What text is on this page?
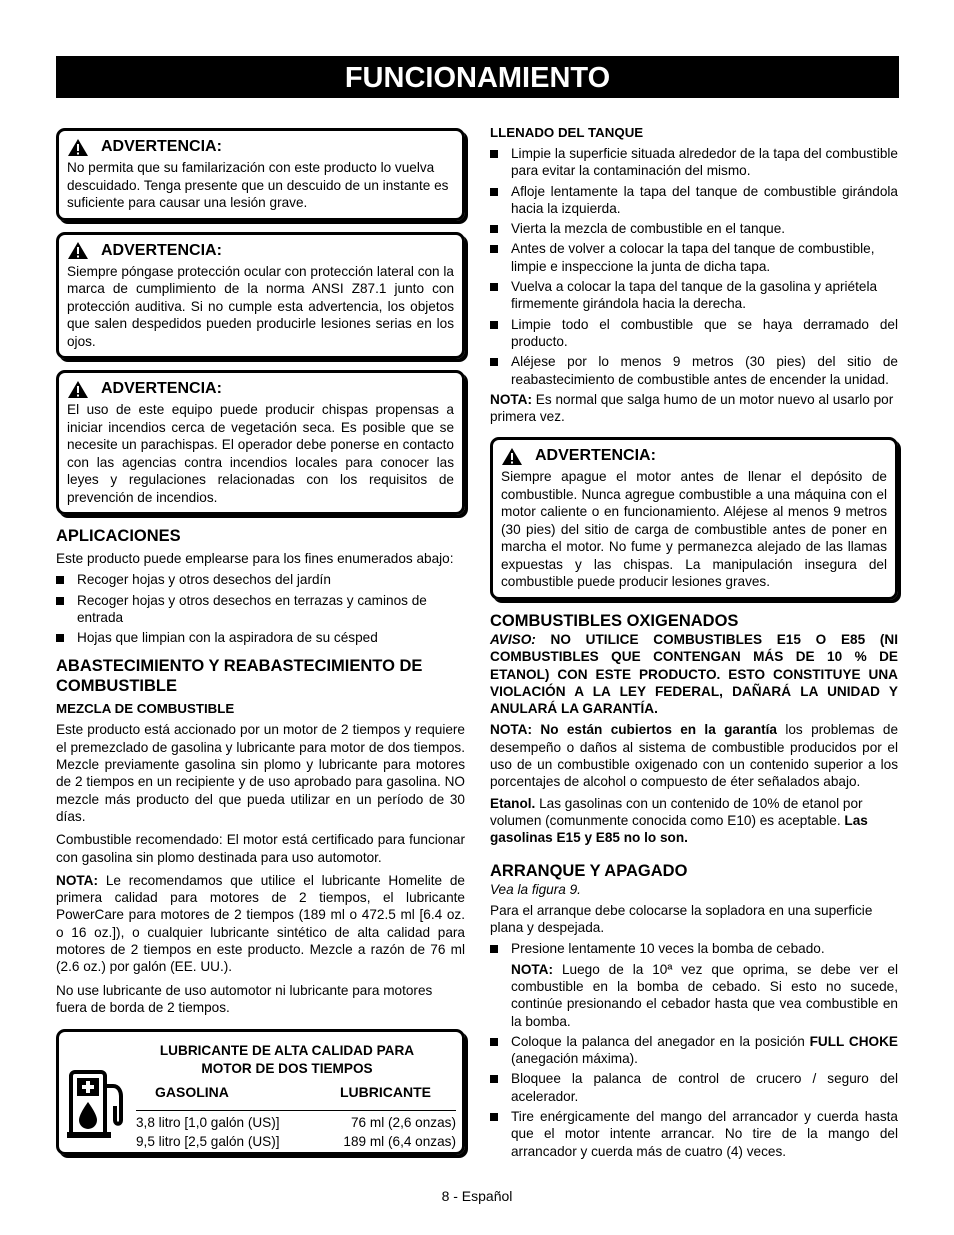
FUNCIONAMIENTO
ADVERTENCIA:

No permita que su familarización con este producto lo vuelva descuidado. Tenga presente que un descuido de un instante es suficiente para causar una lesión grave.

ADVERTENCIA:

Siempre póngase protección ocular con protección lateral con la marca de cumplimiento de la norma ANSI Z87.1 junto con protección auditiva. Si no cumple esta advertencia, los objetos que salen despedidos pueden producirle lesiones serias en los ojos.

ADVERTENCIA:

El uso de este equipo puede producir chispas propensas a iniciar incendios cerca de vegetación seca. Es posible que se necesite un parachispas. El operador debe ponerse en contacto con las agencias contra incendios locales para conocer las leyes y regulaciones relacionadas con los requisitos de prevención de incendios.

APLICACIONES

Este producto puede emplearse para los fines enumerados abajo:

Recoger hojas y otros desechos del jardín
Recoger hojas y otros desechos en terrazas y caminos de entrada
Hojas que limpian con la aspiradora de su césped
ABASTECIMIENTO Y REABASTECIMIENTO DE COMBUSTIBLE
MEZCLA DE COMBUSTIBLE

Este producto está accionado por un motor de 2 tiempos y requiere el premezclado de gasolina y lubricante para motor de dos tiempos. Mezcle previamente gasolina sin plomo y lubricante para motores de 2 tiempos en un recipiente y de uso aprobado para gasolina. NO mezcle más producto del que pueda utilizar en un período de 30 días.

Combustible recomendado: El motor está certificado para funcionar con gasolina sin plomo destinada para uso automotor.

NOTA: Le recomendamos que utilice el lubricante Homelite de primera calidad para motores de 2 tiempos, el lubricante PowerCare para motores de 2 tiempos (189 ml o 472.5 ml [6.4 oz. o 16 oz.]), o cualquier lubricante sintético de alta calidad para motores de 2 tiempos en este producto. Mezcle a razón de 76 ml (2.6 oz.) por galón (EE. UU.).

No use lubricante de uso automotor ni lubricante para motores fuera de borda de 2 tiempos.

LUBRICANTE DE ALTA CALIDAD PARA MOTOR DE DOS TIEMPOS
GASOLINA	LUBRICANTE
3,8 litro [1,0 galón (US)]	76 ml (2,6 onzas)
9,5 litro [2,5 galón (US)]	189 ml (6,4 onzas)
LLENADO DEL TANQUE
Limpie la superficie situada alrededor de la tapa del combustible para evitar la contaminación del mismo.
Afloje lentamente la tapa del tanque de combustible girándola hacia la izquierda.
Vierta la mezcla de combustible en el tanque.
Antes de volver a colocar la tapa del tanque de combustible, limpie e inspeccione la junta de dicha tapa.
Vuelva a colocar la tapa del tanque de la gasolina y apriétela firmemente girándola hacia la derecha.
Limpie todo el combustible que se haya derramado del producto.
Aléjese por lo menos 9 metros (30 pies) del sitio de reabastecimiento de combustible antes de encender la unidad.

NOTA: Es normal que salga humo de un motor nuevo al usarlo por primera vez.

ADVERTENCIA:

Siempre apague el motor antes de llenar el depósito de combustible. Nunca agregue combustible a una máquina con el motor caliente o en funcionamiento. Aléjese al menos 9 metros (30 pies) del sitio de carga de combustible antes de poner en marcha el motor. No fume y permanezca alejado de las llamas expuestas y las chispas. La manipulación insegura del combustible puede producir lesiones graves.

COMBUSTIBLES OXIGENADOS

AVISO: NO UTILICE COMBUSTIBLES E15 O E85 (NI COMBUSTIBLES QUE CONTENGAN MÁS DE 10 % DE ETANOL) CON ESTE PRODUCTO. ESTO CONSTITUYE UNA VIOLACIÓN A LA LEY FEDERAL, DAÑARÁ LA UNIDAD Y ANULARÁ LA GARANTÍA.

NOTA: No están cubiertos en la garantía los problemas de desempeño o daños al sistema de combustible producidos por el uso de un combustible oxigenado con un contenido superior a los porcentajes de alcohol o compuesto de éter señalados abajo.

Etanol. Las gasolinas con un contenido de 10% de etanol por volumen (comunmente conocida como E10) es aceptable. Las gasolinas E15 y E85 no lo son.

ARRANQUE Y APAGADO

Vea la figura 9.

Para el arranque debe colocarse la sopladora en una superficie plana y despejada.

Presione lentamente 10 veces la bomba de cebado.

NOTA: Luego de la 10ª vez que oprima, se debe ver el combustible en la bomba de cebado. Si esto no sucede, continúe presionando el cebador hasta que vea combustible en la bomba.

Coloque la palanca del anegador en la posición FULL CHOKE (anegación máxima).
Bloquee la palanca de control de crucero / seguro del acelerador.
Tire enérgicamente del mango del arrancador y cuerda hasta que el motor intente arrancar. No tire de la mango del arrancador y cuerda más de cuatro (4) veces.
8 - Español
